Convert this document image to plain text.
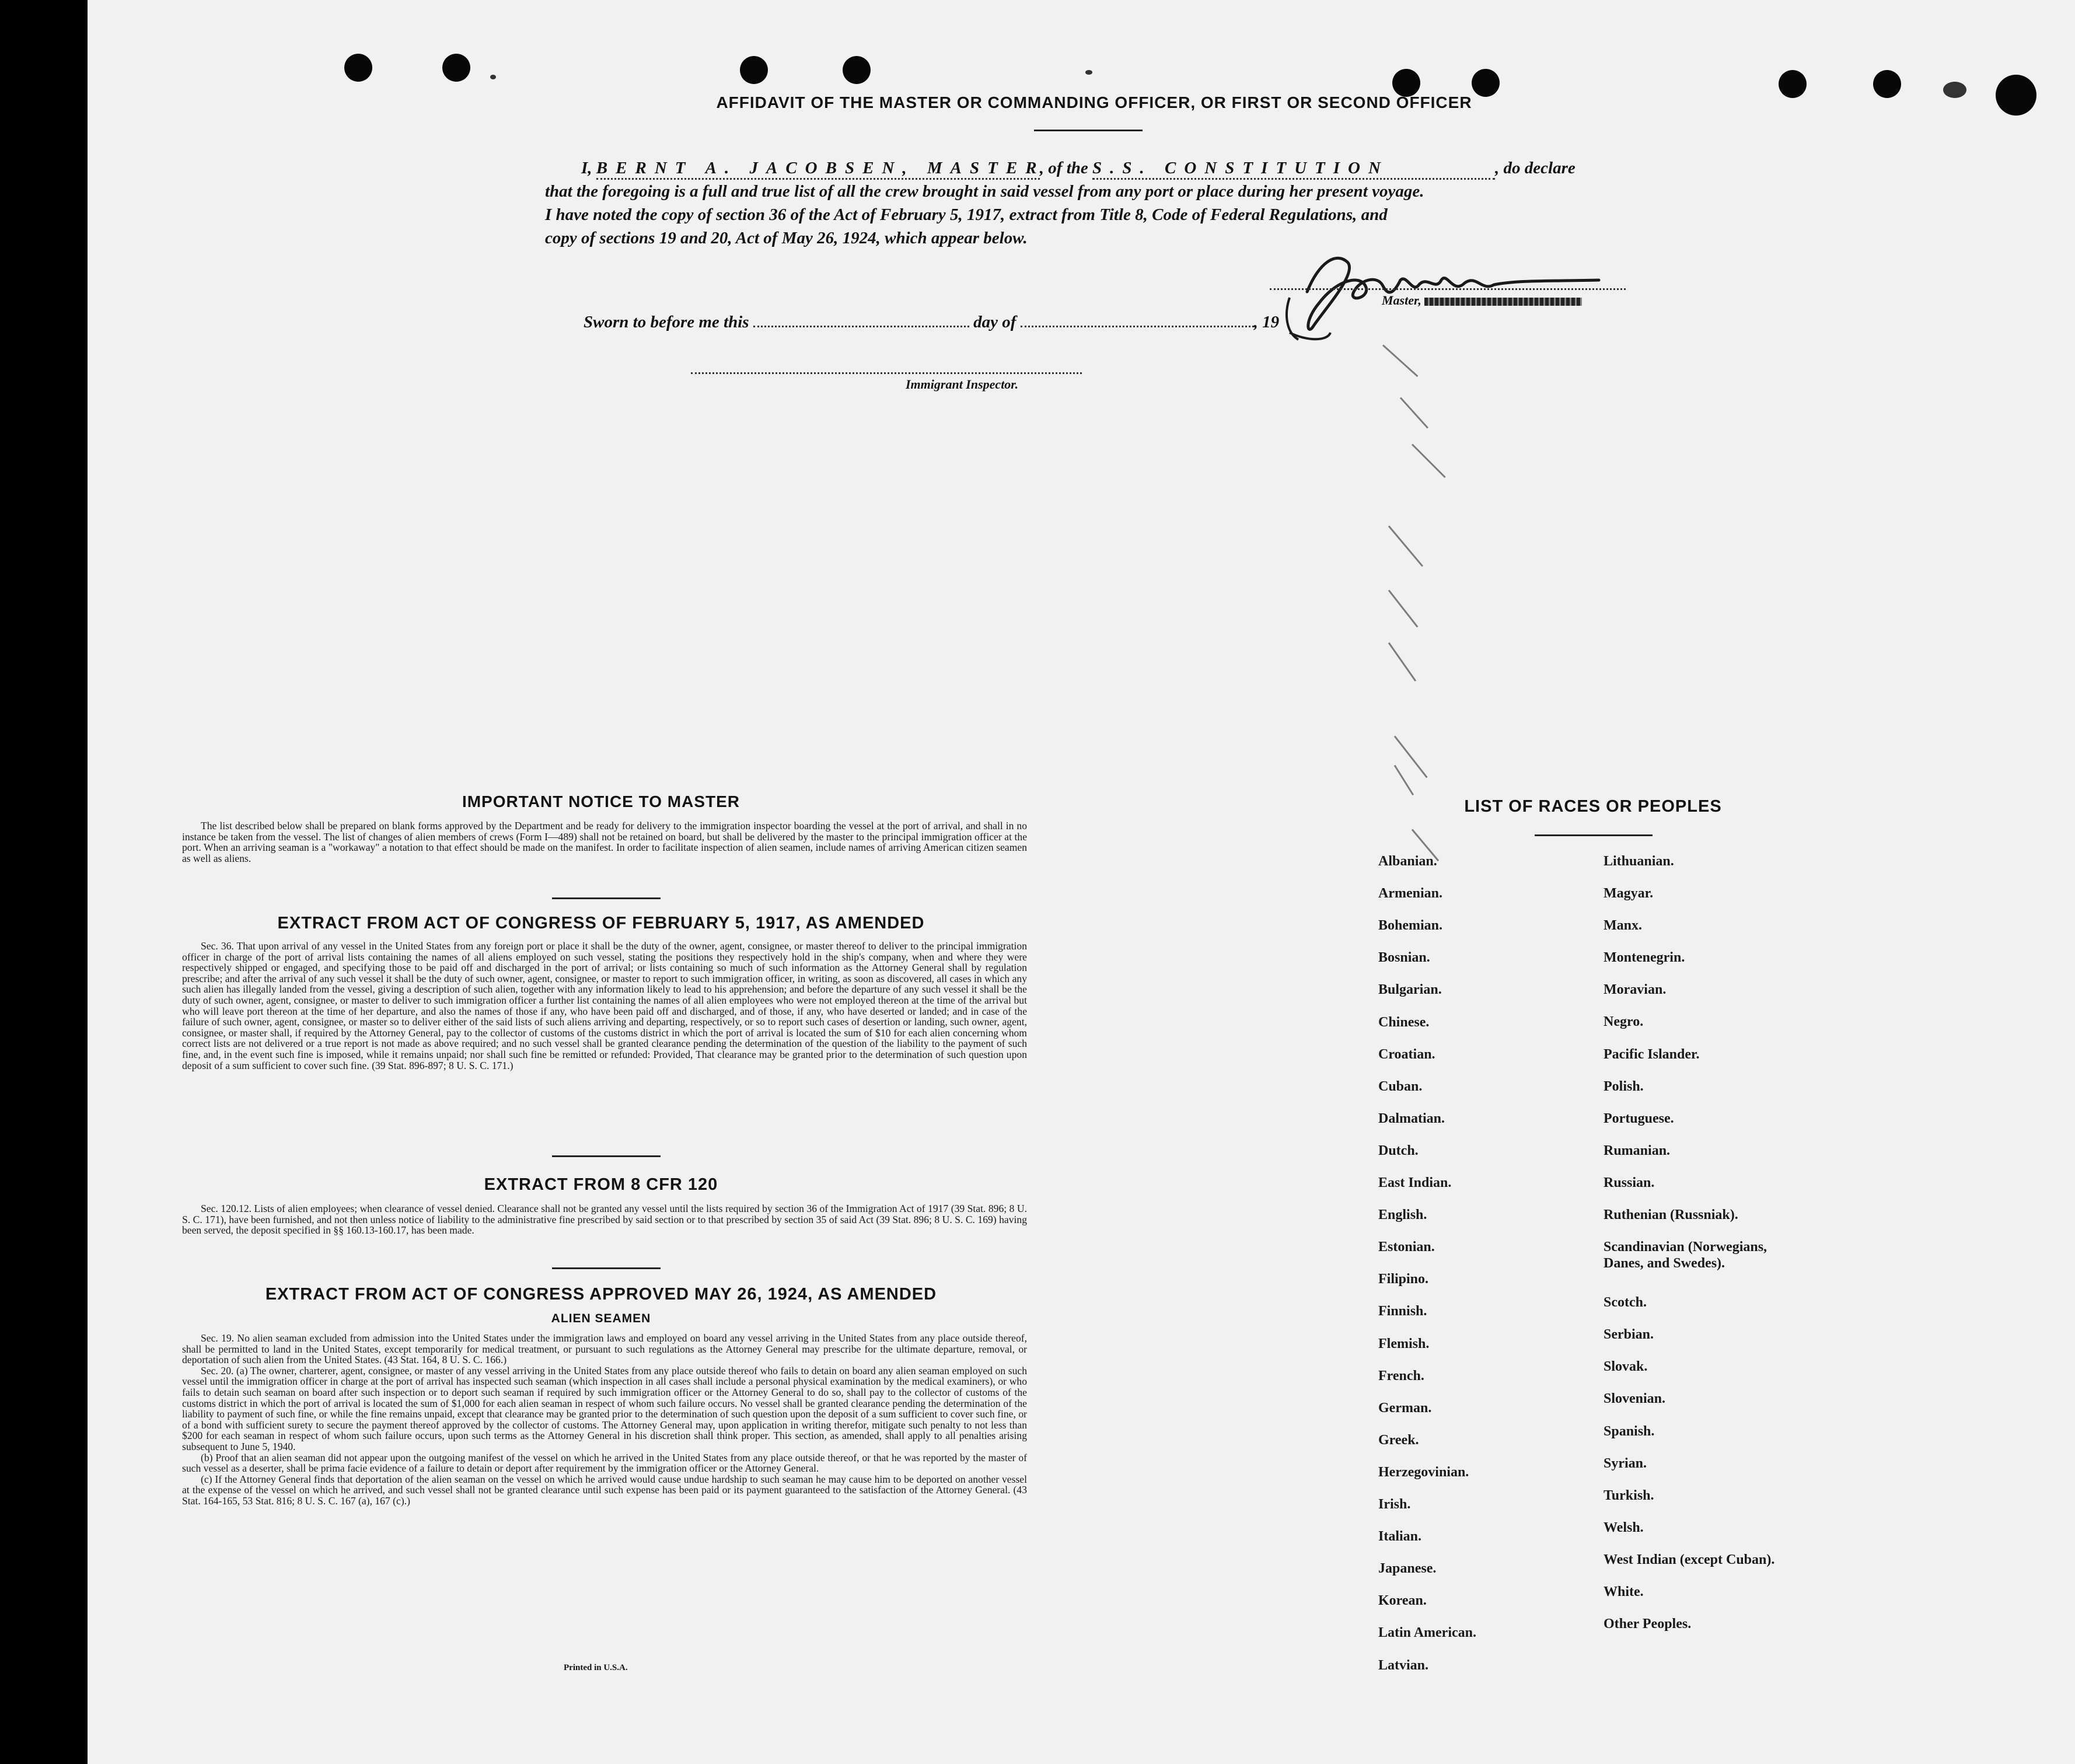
AFFIDAVIT OF THE MASTER OR COMMANDING OFFICER, OR FIRST OR SECOND OFFICER
I, BERNT A. JACOBSEN, MASTER, of the S.S. CONSTITUTION	, do declare
that the foregoing is a full and true list of all the crew brought in said vessel from any port or place during her present voyage.
I have noted the copy of section 36 of the Act of February 5, 1917, extract from Title 8, Code of Federal Regulations, and
copy of sections 19 and 20, Act of May 26, 1924, which appear below.
Master,
Sworn to before me this	day of	, 19
Immigrant Inspector.
IMPORTANT NOTICE TO MASTER

The list described below shall be prepared on blank forms approved by the Department and be ready for delivery to the immigration inspector boarding the vessel at the port of arrival, and shall in no instance be taken from the vessel. The list of changes of alien members of crews (Form I—489) shall not be retained on board, but shall be delivered by the master to the principal immigration officer at the port. When an arriving seaman is a "workaway" a notation to that effect should be made on the manifest. In order to facilitate inspection of alien seamen, include names of arriving American citizen seamen as well as aliens.

EXTRACT FROM ACT OF CONGRESS OF FEBRUARY 5, 1917, AS AMENDED

Sec. 36. That upon arrival of any vessel in the United States from any foreign port or place it shall be the duty of the owner, agent, consignee, or master thereof to deliver to the principal immigration officer in charge of the port of arrival lists containing the names of all aliens employed on such vessel, stating the positions they respectively hold in the ship's company, when and where they were respectively shipped or engaged, and specifying those to be paid off and discharged in the port of arrival; or lists containing so much of such information as the Attorney General shall by regulation prescribe; and after the arrival of any such vessel it shall be the duty of such owner, agent, consignee, or master to report to such immigration officer, in writing, as soon as discovered, all cases in which any such alien has illegally landed from the vessel, giving a description of such alien, together with any information likely to lead to his apprehension; and before the departure of any such vessel it shall be the duty of such owner, agent, consignee, or master to deliver to such immigration officer a further list containing the names of all alien employees who were not employed thereon at the time of the arrival but who will leave port thereon at the time of her departure, and also the names of those if any, who have been paid off and discharged, and of those, if any, who have deserted or landed; and in case of the failure of such owner, agent, consignee, or master so to deliver either of the said lists of such aliens arriving and departing, respectively, or so to report such cases of desertion or landing, such owner, agent, consignee, or master shall, if required by the Attorney General, pay to the collector of customs of the customs district in which the port of arrival is located the sum of $10 for each alien concerning whom correct lists are not delivered or a true report is not made as above required; and no such vessel shall be granted clearance pending the determination of the question of the liability to the payment of such fine, and, in the event such fine is imposed, while it remains unpaid; nor shall such fine be remitted or refunded: Provided, That clearance may be granted prior to the determination of such question upon deposit of a sum sufficient to cover such fine. (39 Stat. 896-897; 8 U. S. C. 171.)

EXTRACT FROM 8 CFR 120

Sec. 120.12. Lists of alien employees; when clearance of vessel denied. Clearance shall not be granted any vessel until the lists required by section 36 of the Immigration Act of 1917 (39 Stat. 896; 8 U. S. C. 171), have been furnished, and not then unless notice of liability to the administrative fine prescribed by said section or to that prescribed by section 35 of said Act (39 Stat. 896; 8 U. S. C. 169) having been served, the deposit specified in §§ 160.13-160.17, has been made.

EXTRACT FROM ACT OF CONGRESS APPROVED MAY 26, 1924, AS AMENDED
ALIEN SEAMEN

Sec. 19. No alien seaman excluded from admission into the United States under the immigration laws and employed on board any vessel arriving in the United States from any place outside thereof, shall be permitted to land in the United States, except temporarily for medical treatment, or pursuant to such regulations as the Attorney General may prescribe for the ultimate departure, removal, or deportation of such alien from the United States. (43 Stat. 164, 8 U. S. C. 166.)

Sec. 20. (a) The owner, charterer, agent, consignee, or master of any vessel arriving in the United States from any place outside thereof who fails to detain on board any alien seaman employed on such vessel until the immigration officer in charge at the port of arrival has inspected such seaman (which inspection in all cases shall include a personal physical examination by the medical examiners), or who fails to detain such seaman on board after such inspection or to deport such seaman if required by such immigration officer or the Attorney General to do so, shall pay to the collector of customs of the customs district in which the port of arrival is located the sum of $1,000 for each alien seaman in respect of whom such failure occurs. No vessel shall be granted clearance pending the determination of the liability to payment of such fine, or while the fine remains unpaid, except that clearance may be granted prior to the determination of such question upon the deposit of a sum sufficient to cover such fine, or of a bond with sufficient surety to secure the payment thereof approved by the collector of customs. The Attorney General may, upon application in writing therefor, mitigate such penalty to not less than $200 for each seaman in respect of whom such failure occurs, upon such terms as the Attorney General in his discretion shall think proper. This section, as amended, shall apply to all penalties arising subsequent to June 5, 1940.

(b) Proof that an alien seaman did not appear upon the outgoing manifest of the vessel on which he arrived in the United States from any place outside thereof, or that he was reported by the master of such vessel as a deserter, shall be prima facie evidence of a failure to detain or deport after requirement by the immigration officer or the Attorney General.

(c) If the Attorney General finds that deportation of the alien seaman on the vessel on which he arrived would cause undue hardship to such seaman he may cause him to be deported on another vessel at the expense of the vessel on which he arrived, and such vessel shall not be granted clearance until such expense has been paid or its payment guaranteed to the satisfaction of the Attorney General. (43 Stat. 164-165, 53 Stat. 816; 8 U. S. C. 167 (a), 167 (c).)

Printed in U.S.A.
LIST OF RACES OR PEOPLES
Albanian.
Armenian.
Bohemian.
Bosnian.
Bulgarian.
Chinese.
Croatian.
Cuban.
Dalmatian.
Dutch.
East Indian.
English.
Estonian.
Filipino.
Finnish.
Flemish.
French.
German.
Greek.
Herzegovinian.
Irish.
Italian.
Japanese.
Korean.
Latin American.
Latvian.
Lithuanian.
Magyar.
Manx.
Montenegrin.
Moravian.
Negro.
Pacific Islander.
Polish.
Portuguese.
Rumanian.
Russian.
Ruthenian (Russniak).
Scandinavian (Norwegians,
Danes, and Swedes).
Scotch.
Serbian.
Slovak.
Slovenian.
Spanish.
Syrian.
Turkish.
Welsh.
West Indian (except Cuban).
White.
Other Peoples.
